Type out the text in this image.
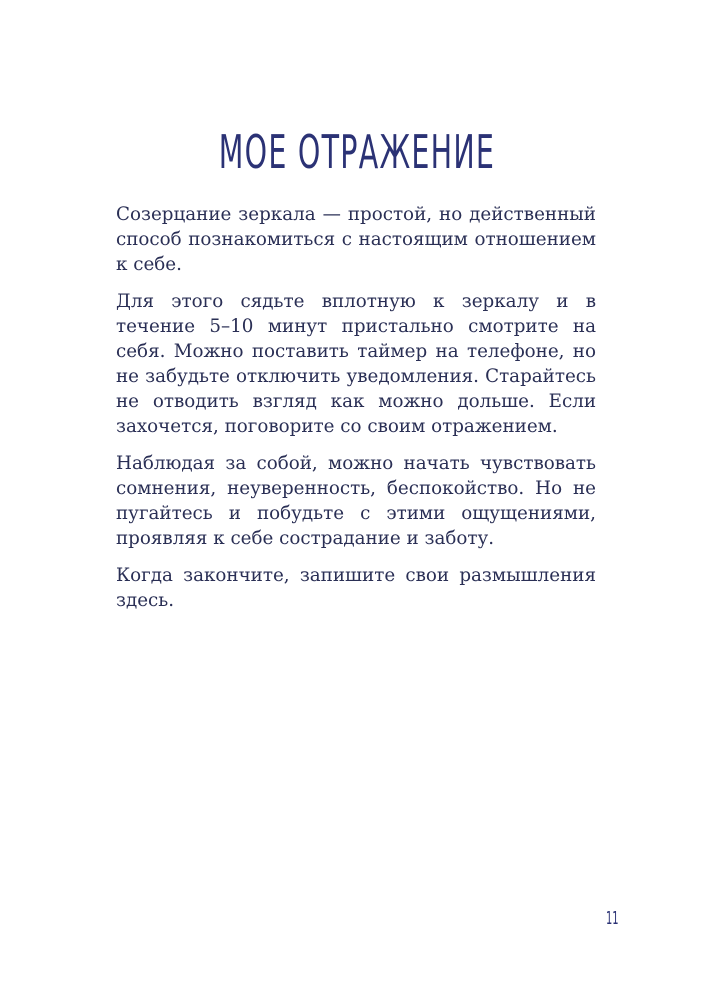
МОЕ ОТРАЖЕНИЕ

Созерцание зеркала — простой, но действенный способ познакомиться с настоящим отношением к себе.

Для этого сядьте вплотную к зеркалу и в течение 5–10 минут пристально смотрите на себя. Можно поставить таймер на телефоне, но не забудьте отключить уведомления. Старайтесь не отводить взгляд как можно дольше. Если захочется, поговорите со своим отражением.

Наблюдая за собой, можно начать чувствовать сомнения, неуверенность, беспокойство. Но не пугайтесь и побудьте с этими ощущениями, проявляя к себе сострадание и заботу.

Когда закончите, запишите свои размышления здесь.

11
